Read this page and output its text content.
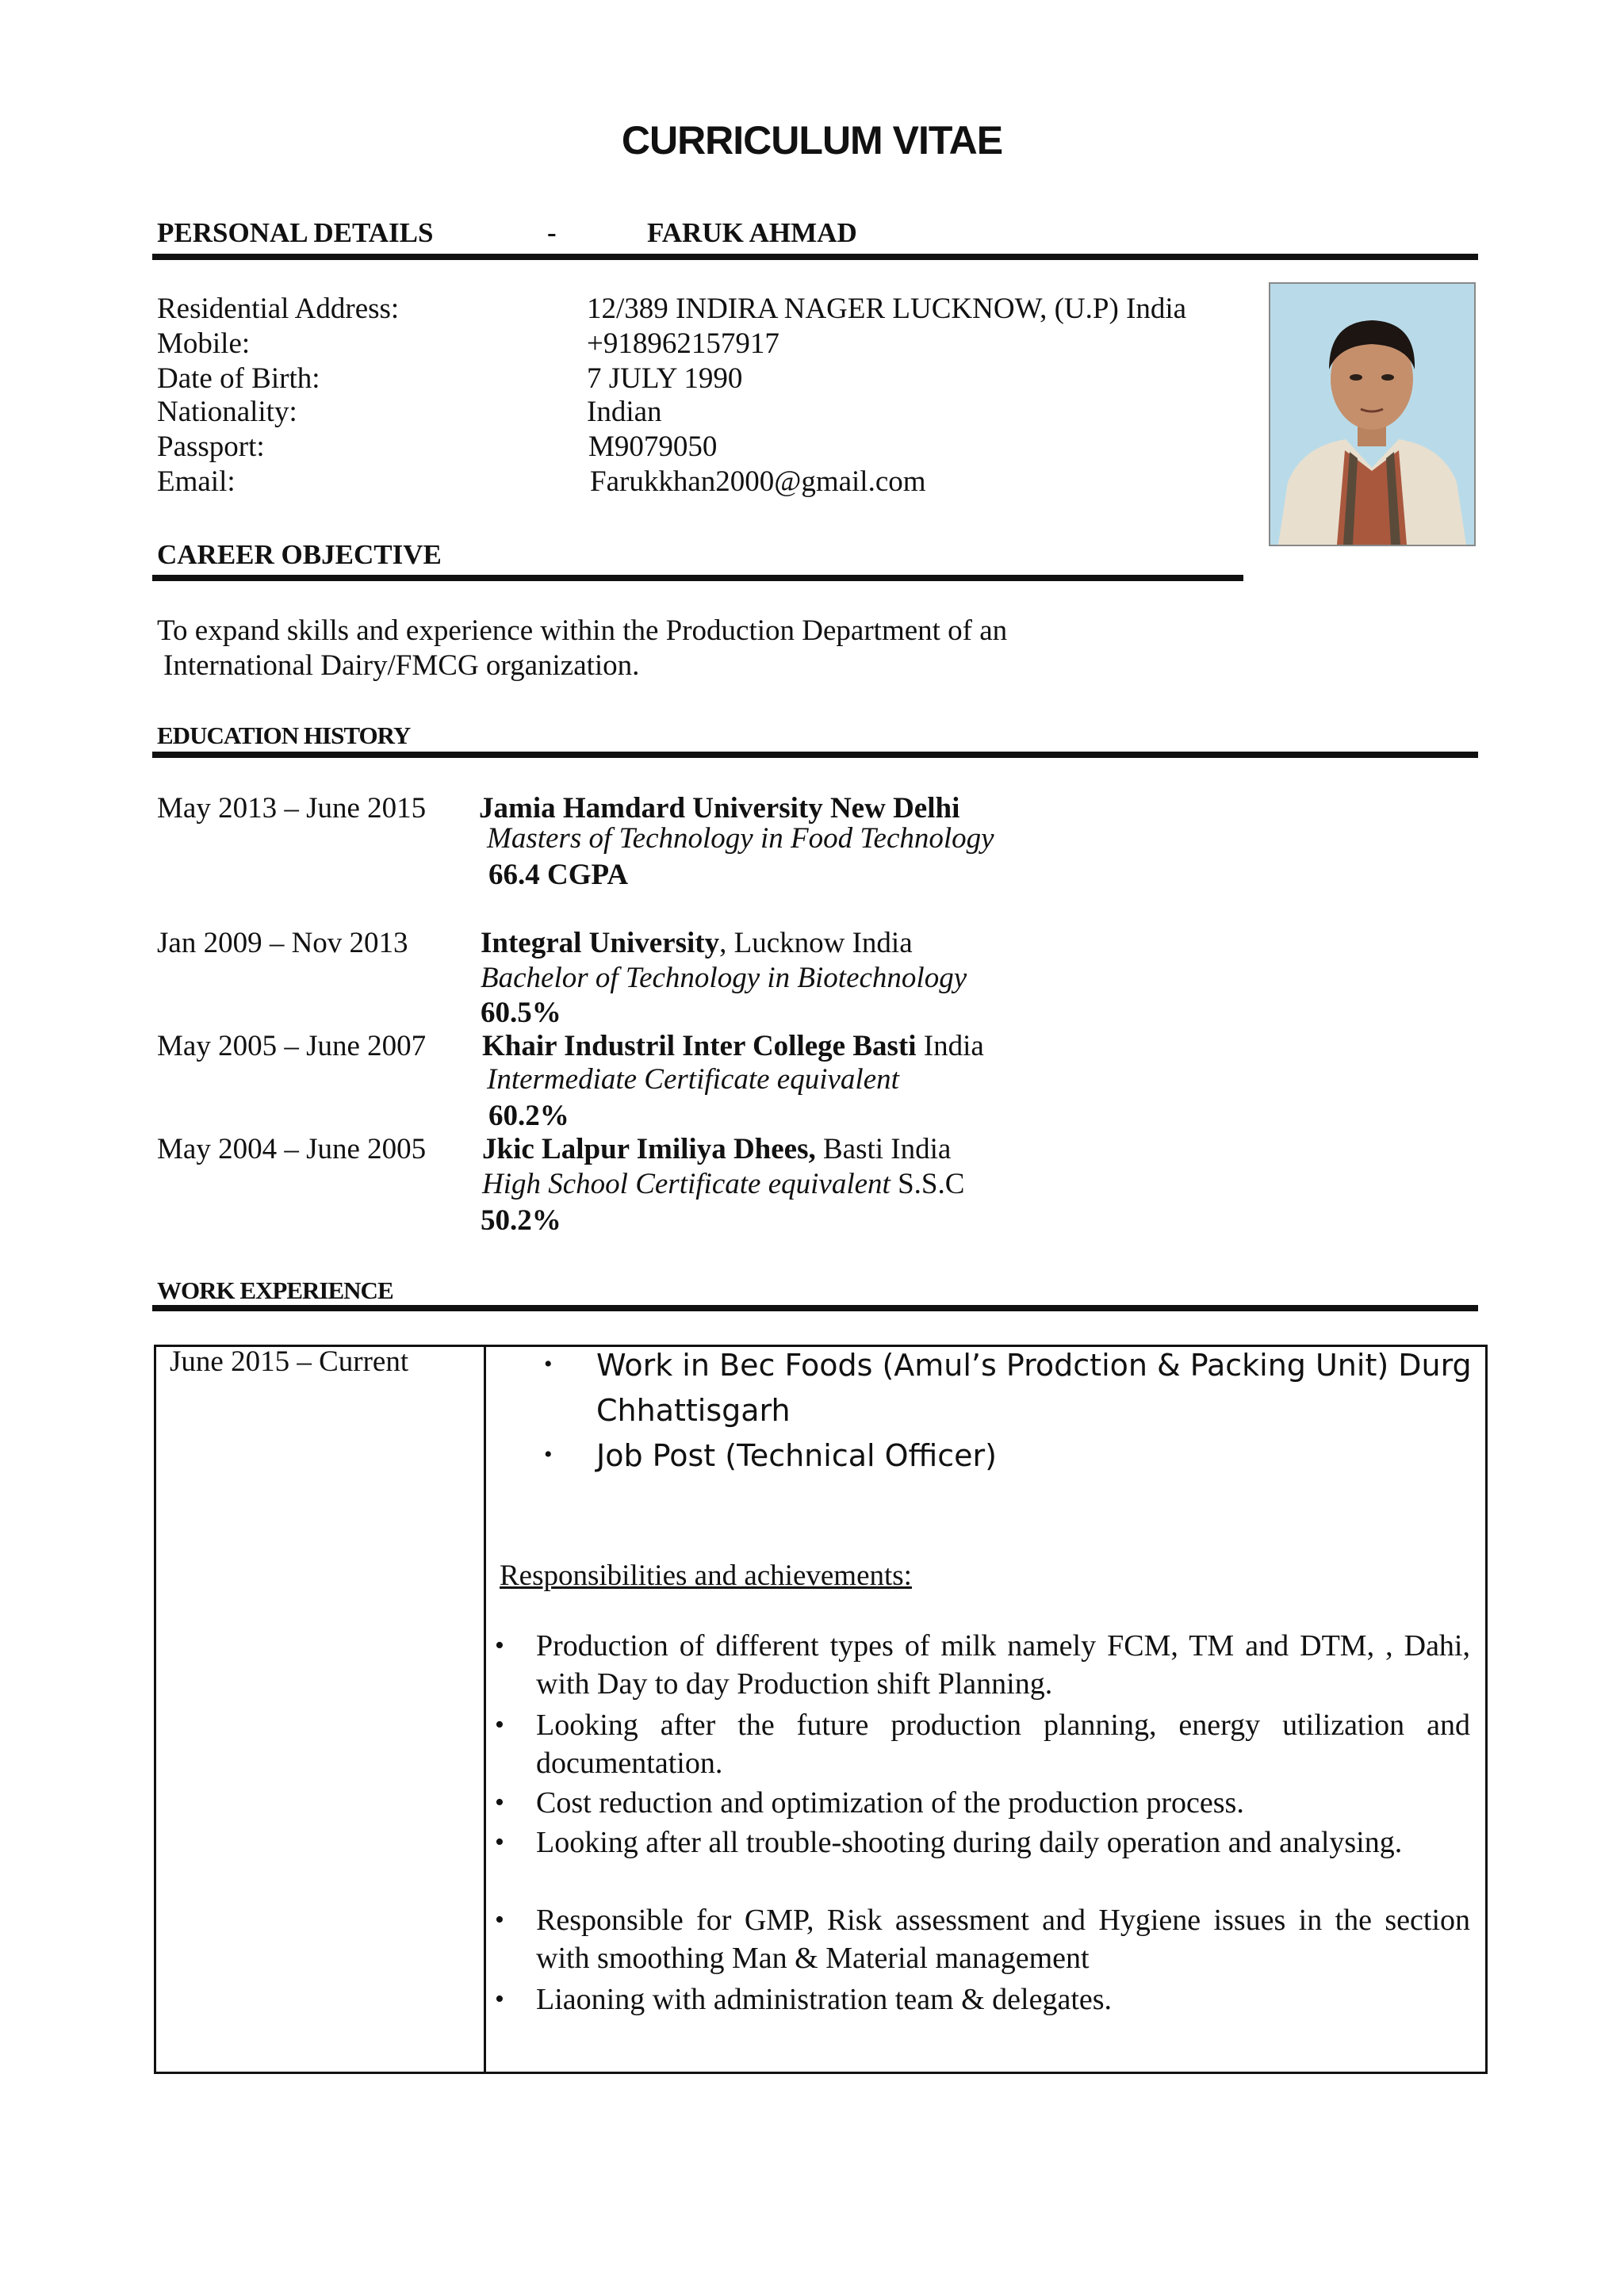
CURRICULUM VITAE
PERSONAL DETAILS	-	FARUK AHMAD
Residential Address:	12/389 INDIRA NAGER LUCKNOW, (U.P) India
Mobile:	+918962157917
Date of Birth:	7 JULY 1990
Nationality:	Indian
Passport:	M9079050
Email:	Farukkhan2000@gmail.com
CAREER OBJECTIVE
To expand skills and experience within the Production Department of an
International Dairy/FMCG organization.
EDUCATION HISTORY
May 2013 – June 2015 Jamia Hamdard University New Delhi
Masters of Technology in Food Technology
66.4 CGPA
Jan 2009 – Nov 2013 Integral University, Lucknow India
Bachelor of Technology in Biotechnology
60.5%
May 2005 – June 2007 Khair Industril Inter College Basti India
Intermediate Certificate equivalent
60.2%
May 2004 – June 2005 Jkic Lalpur Imiliya Dhees, Basti India
High School Certificate equivalent S.S.C
50.2%
WORK EXPERIENCE
June 2015 – Current	• Work in Bec Foods (Amul’s Prodction & Packing Unit) Durg
Chhattisgarh
• Job Post (Technical Officer)
Responsibilities and achievements:
• Production of different types of milk namely FCM, TM and DTM, , Dahi, with Day to day Production shift Planning.
• Looking after the future production planning, energy utilization and documentation.
• Cost reduction and optimization of the production process.
• Looking after all trouble-shooting during daily operation and analysing.
• Responsible for GMP, Risk assessment and Hygiene issues in the section with smoothing Man & Material management
• Liaoning with administration team & delegates.
